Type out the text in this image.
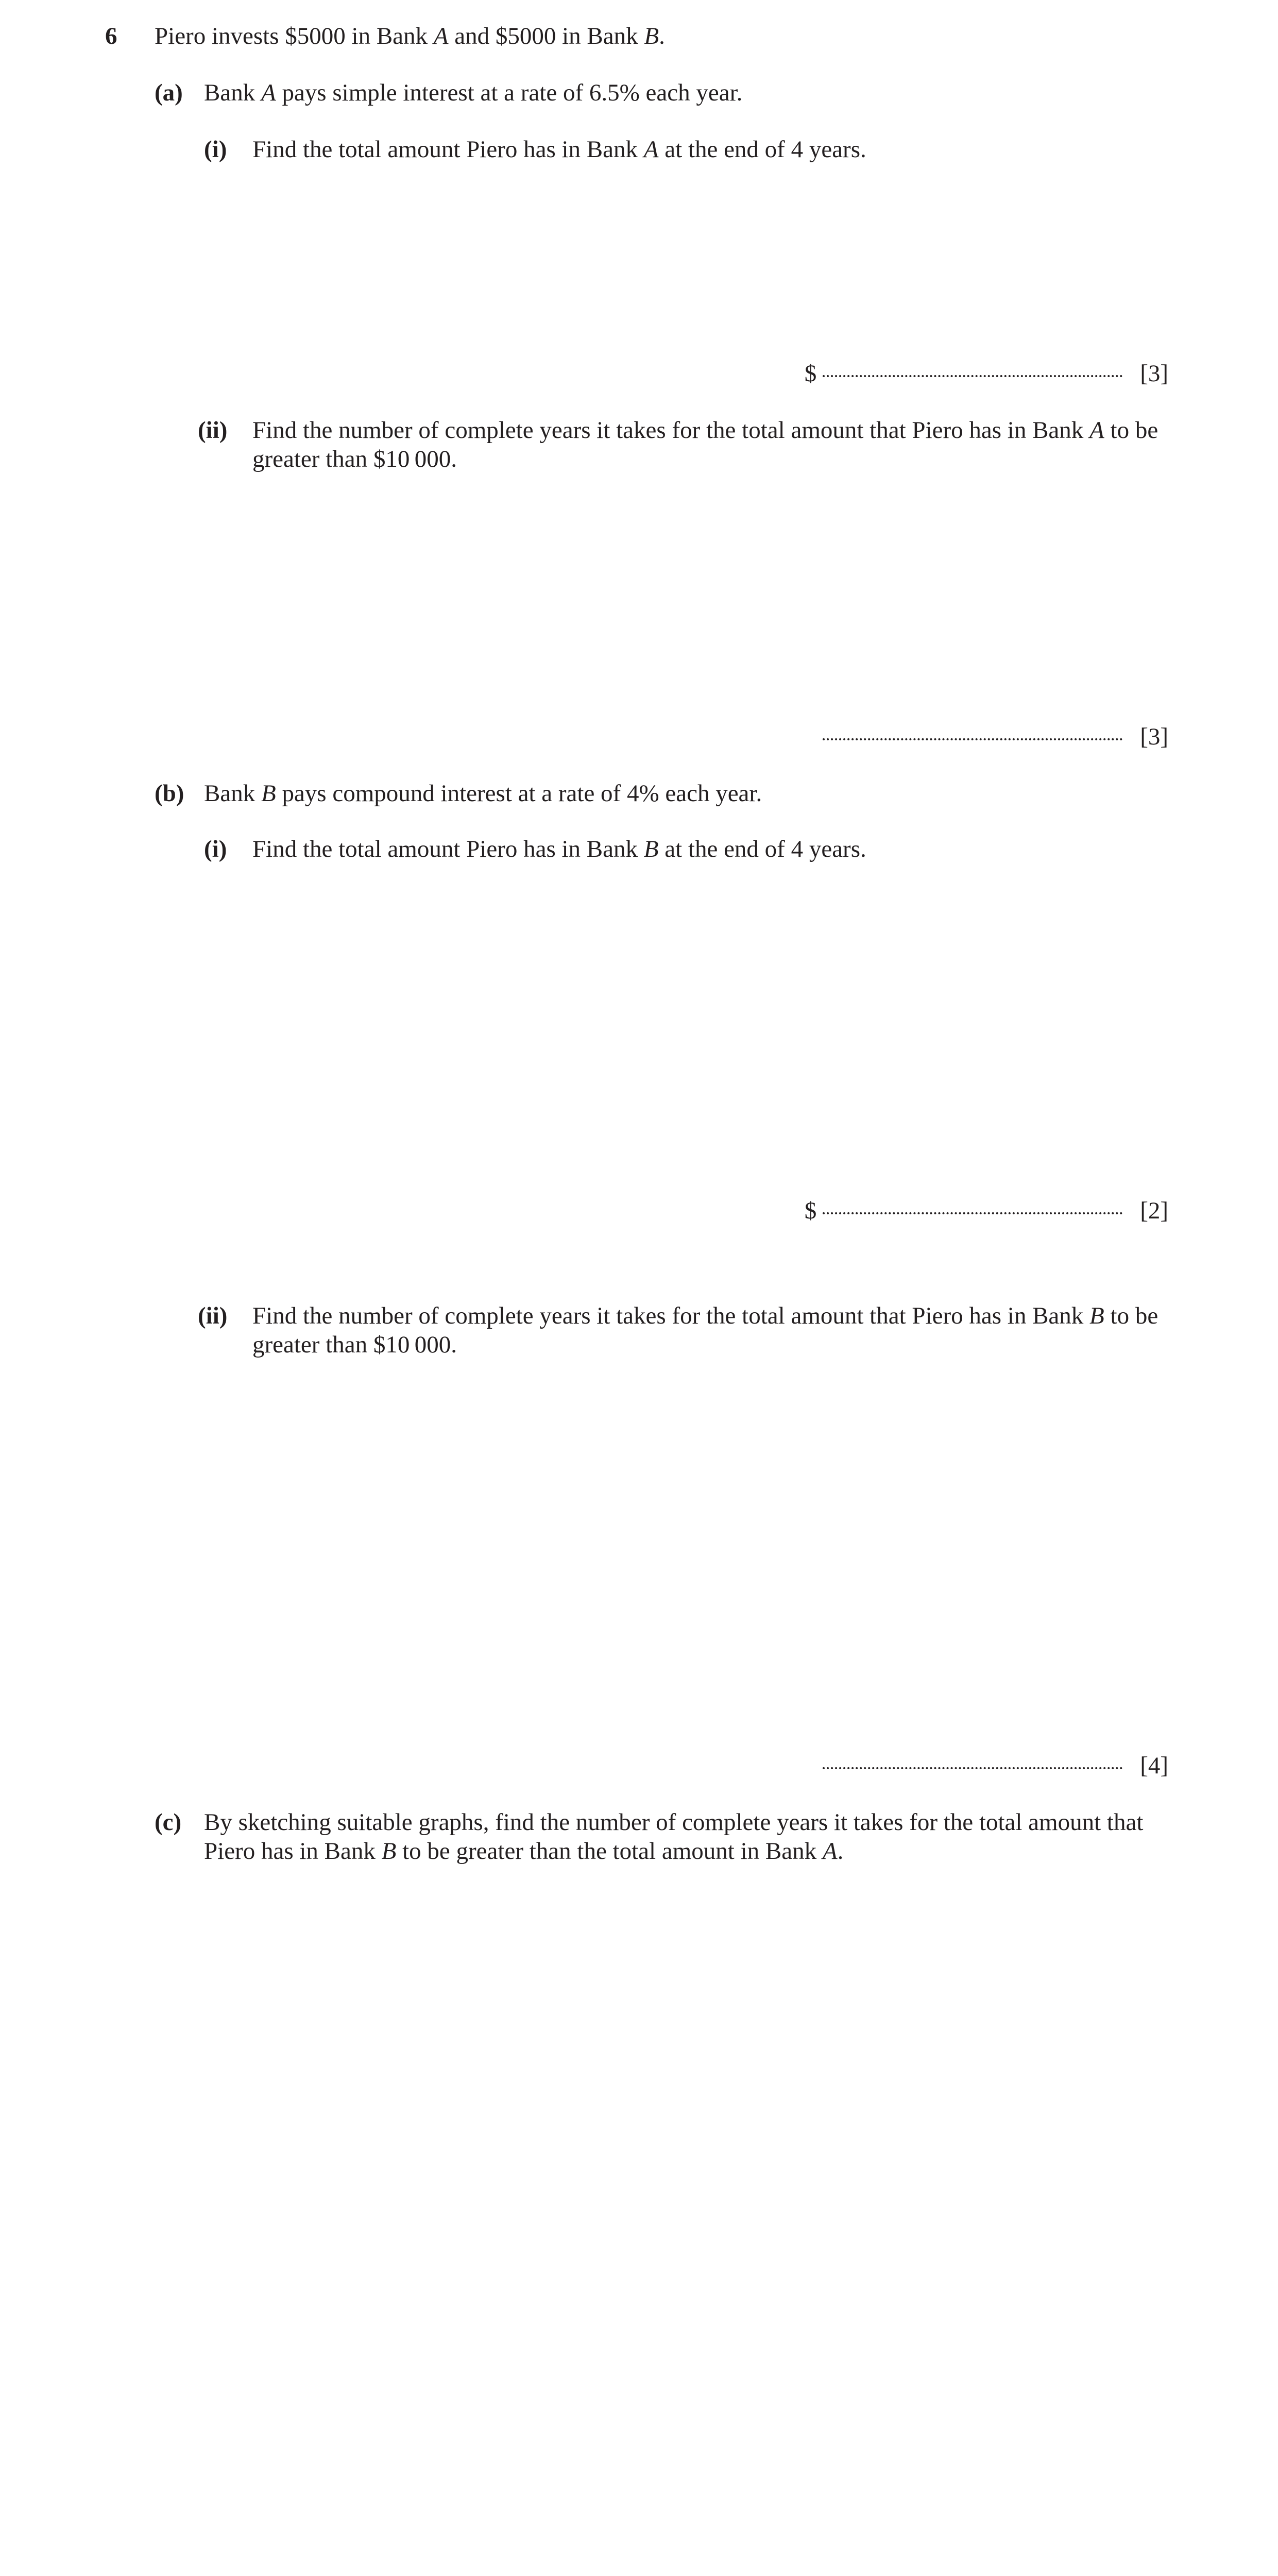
6 Piero invests $5000 in Bank A and $5000 in Bank B.
(a) Bank A pays simple interest at a rate of 6.5% each year.
(i) Find the total amount Piero has in Bank A at the end of 4 years.
$	[3]
(ii) Find the number of complete years it takes for the total amount that Piero has in Bank A to be greater than $10 000.
[3]
(b) Bank B pays compound interest at a rate of 4% each year.
(i) Find the total amount Piero has in Bank B at the end of 4 years.
$	[2]
(ii) Find the number of complete years it takes for the total amount that Piero has in Bank B to be greater than $10 000.
[4]
(c) By sketching suitable graphs, find the number of complete years it takes for the total amount that Piero has in Bank B to be greater than the total amount in Bank A.
